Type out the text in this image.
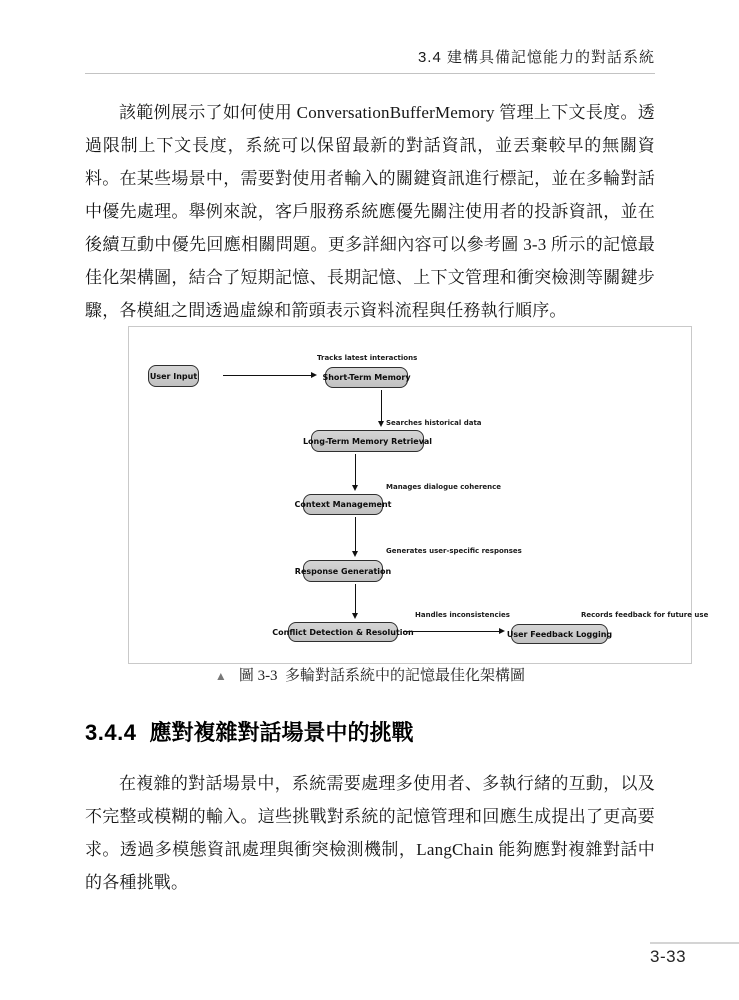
3.4 建構具備記憶能力的對話系統

該範例展示了如何使用 ConversationBufferMemory 管理上下文長度。透過限制上下文長度，系統可以保留最新的對話資訊，並丟棄較早的無關資料。在某些場景中，需要對使用者輸入的關鍵資訊進行標記，並在多輪對話中優先處理。舉例來說，客戶服務系統應優先關注使用者的投訴資訊，並在後續互動中優先回應相關問題。更多詳細內容可以參考圖 3-3 所示的記憶最佳化架構圖，結合了短期記憶、長期記憶、上下文管理和衝突檢測等關鍵步驟，各模組之間透過虛線和箭頭表示資料流程與任務執行順序。

User Input	Short-Term Memory
Long-Term Memory Retrieval
Context Management
Response Generation
Conflict Detection & Resolution	User Feedback Logging
Tracks latest interactions
Searches historical data
Manages dialogue coherence
Generates user-specific responses
Handles inconsistencies	Records feedback for future use
▲ 圖 3-3  多輪對話系統中的記憶最佳化架構圖
3.4.4 應對複雜對話場景中的挑戰

在複雜的對話場景中，系統需要處理多使用者、多執行緒的互動，以及不完整或模糊的輸入。這些挑戰對系統的記憶管理和回應生成提出了更高要求。透過多模態資訊處理與衝突檢測機制，LangChain 能夠應對複雜對話中的各種挑戰。

3-33
